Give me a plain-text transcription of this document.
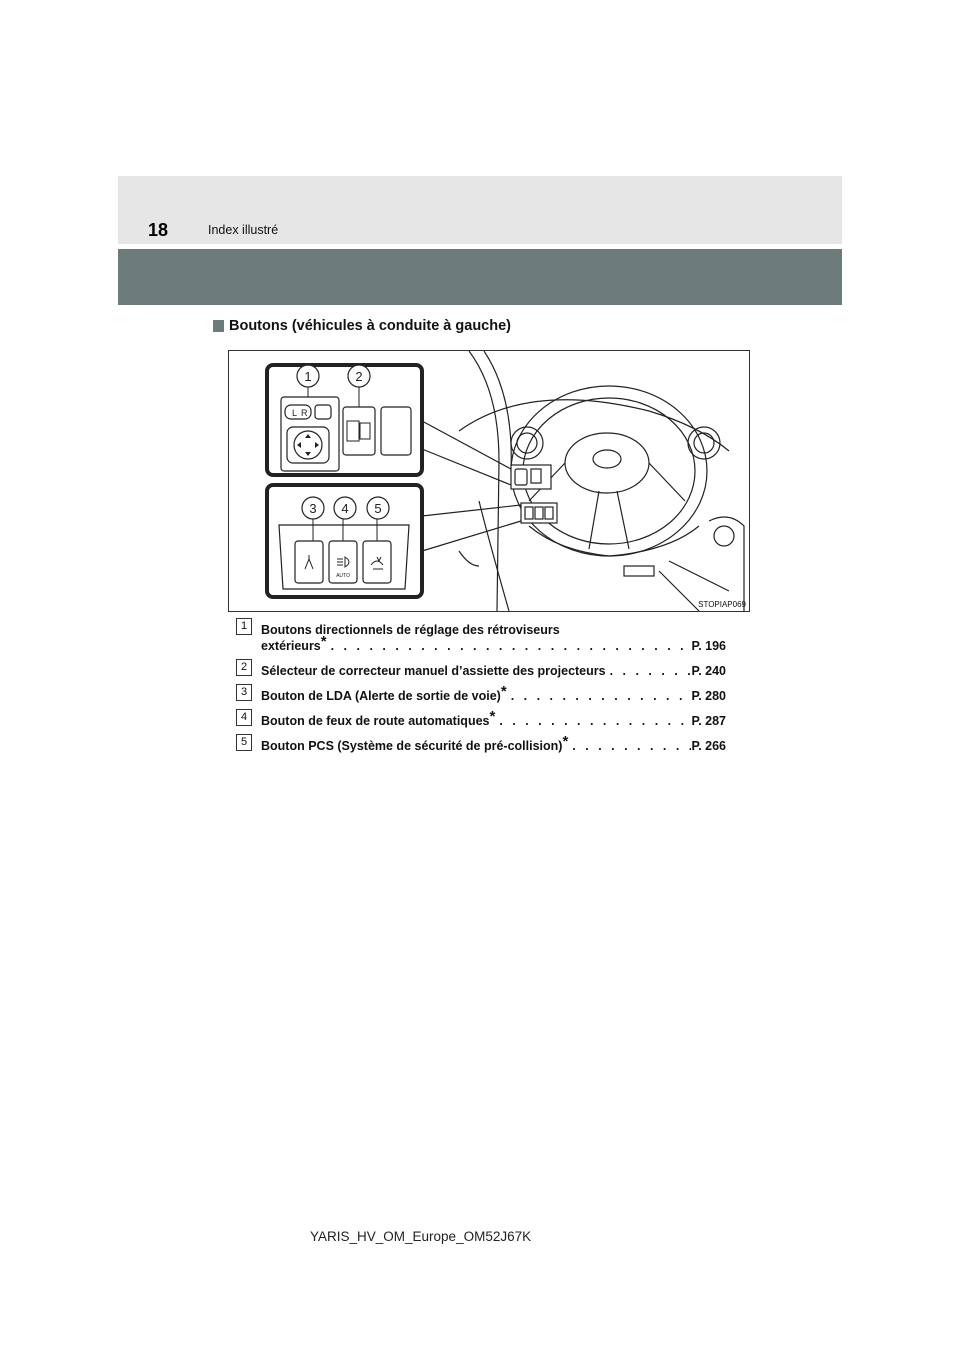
18	Index illustré
Boutons (véhicules à conduite à gauche)
L R
1	2
AUTO
3 4 5
STOPIAP069
1	Boutons directionnels de réglage des rétroviseurs
extérieurs* . . .	P. 196
2	Sélecteur de correcteur manuel d’assiette des projecteurs . . .	P. 240
3	Bouton de LDA (Alerte de sortie de voie)* . . .	P. 280
4	Bouton de feux de route automatiques* . . .	P. 287
5	Bouton PCS (Système de sécurité de pré-collision)* . . .	P. 266
YARIS_HV_OM_Europe_OM52J67K
